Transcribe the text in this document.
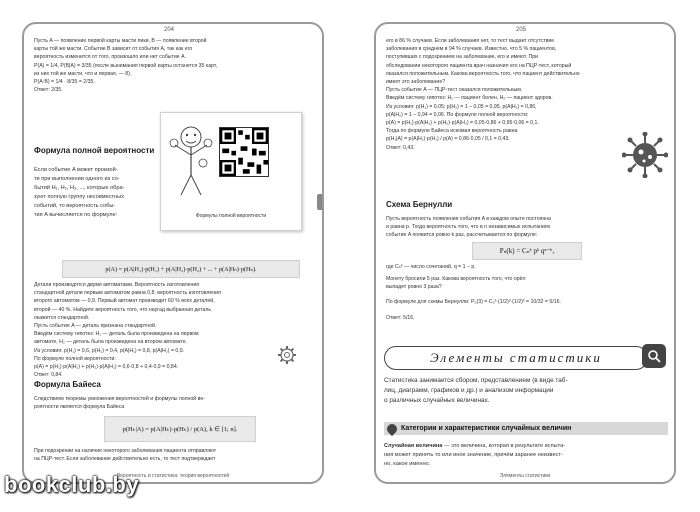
204

Пусть A — появление первой карты масти пики, B — появление второй

карты той же масти. Событие B зависит от события A, так как его

вероятность изменится от того, произошло или нет событие A.

P(A) = 1/4, P(B|A) = 3/35 (после вынимания первой карты останется 35 карт,

из них той же масти, что и первая, — 8).

P(A·B) = 1/4 · 8/35 = 2/35.

Ответ: 2/35.

Формула полной вероятности

Если событие A может произой-

ти при выполнении одного из со-

бытий H₁, H₂, H₃, ..., которые обра-

зуют полную группу несовместных

событий, то вероятность собы-

тия A вычисляется по формуле:

p(A) = p(A|H₁)·p(H₁) + p(A|H₂)·p(H₂) + ... + p(A|Hₙ)·p(Hₙ).

Детали производятся двумя автоматами. Вероятность изготовления

стандартной детали первым автоматом равна 0,8, вероятность изготовления

второго автоматом — 0,9. Первый автомат производит 60 % всех деталей,

второй — 40 %. Найдите вероятность того, что наугад выбранная деталь

окажется стандартной.

Пусть событие A — деталь признана стандартной.

Введём систему гипотез: H₁ — деталь была произведена на первом

автомате, H₂ — деталь была произведена на втором автомате.

Из условия: p(H₁) = 0,6, p(H₂) = 0,4, p(A|H₁) = 0,8, p(A|H₂) = 0,9.

По формуле полной вероятности:

p(A) = p(H₁)·p(A|H₁) + p(H₂)·p(A|H₂) = 0,6·0,8 + 0,4·0,9 = 0,84.

Ответ: 0,84.

Формула Байеса

Следствием теоремы умножения вероятностей и формулы полной ве-

роятности является формула Байеса

p(Hₖ|A) = p(A|Hₖ)·p(Hₖ) / p(A), k ∈ [1; n].

При подозрении на наличие некоторого заболевания пациента отправляют

на ПЦР-тест. Если заболевание действительно есть, то тест подтверждает

Вероятность и статистика: теория вероятностей
Формулы полной вероятности
205

его в 86 % случаев. Если заболевания нет, то тест выдает отсутствие

заболевания в среднем в 94 % случаев. Известно, что 5 % пациентов,

поступивших с подозрением на заболевание, его и имеют. При

обследовании некоторого пациента врач назначил его на ПЦР-тест, который

оказался положительным. Какова вероятность того, что пациент действительно

имеет это заболевание?

Пусть событие A — ПЦР-тест оказался положительным.

Введём систему гипотез: H₁ — пациент болен, H₂ — пациент здоров.

Из условия: p(H₁) = 0,05; p(H₂) = 1 − 0,05 = 0,95, p(A|H₁) = 0,86,

p(A|H₂) = 1 − 0,94 = 0,06. По формуле полной вероятности:

p(A) = p(H₁)·p(A|H₁) + p(H₂)·p(A|H₂) = 0,05·0,86 + 0,95·0,06 = 0,1.

Тогда по формуле Байеса искомая вероятность равна

p(H₁|A) = p(A|H₁)·p(H₁) / p(A) = 0,86·0,05 / 0,1 = 0,43.

Ответ: 0,43.

Схема Бернулли

Пусть вероятность появления события A в каждом опыте постоянна

и равна p. Тогда вероятность того, что в n независимых испытаниях

событие A появится ровно k раз, рассчитывается по формуле:

Pₙ(k) = Cₙᵏ pᵏ qⁿ⁻ᵏ,
где Cₙᵏ — число сочетаний, q = 1 − p.

Монету бросили 5 раз. Какова вероятность того, что орёл

выпадет ровно 3 раза?

По формуле для схемы Бернулли: P₅(3) = C₅³·(1/2)³·(1/2)² = 10/32 = 5/16.

Ответ: 5/16.

Элементы статистики

Статистика занимается сбором, представлением (в виде таб-

лиц, диаграмм, графиков и др.) и анализом информации

о различных случайных величинах.

Категории и характеристики случайных величин

Случайная величина — это величина, которая в результате испыта-

ния может принять то или иное значение, причём заранее неизвест-

но, какое именно.

Элементы статистики
bookclub.by
